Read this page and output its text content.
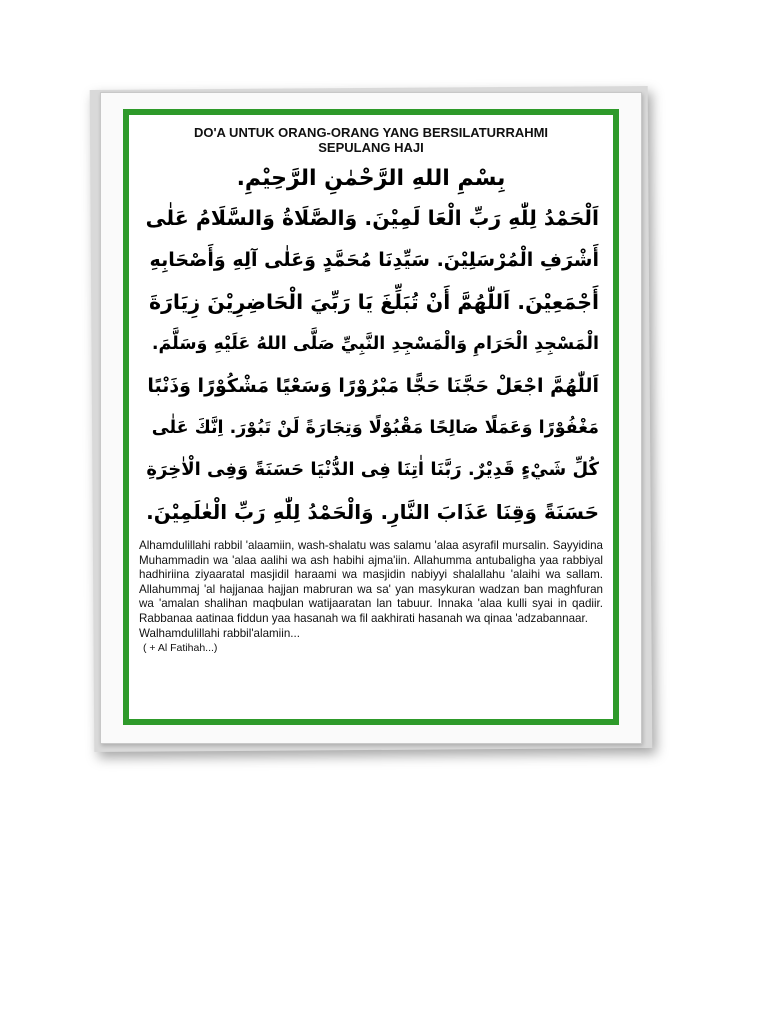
DO'A UNTUK ORANG-ORANG YANG BERSILATURRAHMI
SEPULANG HAJI
بِسْمِ اللهِ الرَّحْمٰنِ الرَّحِيْمِ.
اَلْحَمْدُ لِلّٰهِ رَبِّ الْعَا لَمِيْنَ. وَالصَّلَاةُ وَالسَّلَامُ عَلٰى
أَشْرَفِ الْمُرْسَلِيْنَ. سَيِّدِنَا مُحَمَّدٍ وَعَلٰى آلِهِ وَأَصْحَابِهِ
أَجْمَعِيْنَ. اَللّٰهُمَّ أَنْ تُبَلِّغَ يَا رَبِّيَ الْحَاضِرِيْنَ زِيَارَةَ
الْمَسْجِدِ الْحَرَامِ وَالْمَسْجِدِ النَّبِيِّ صَلَّى اللهُ عَلَيْهِ وَسَلَّمَ.
اَللّٰهُمَّ اجْعَلْ حَجَّنَا حَجًّا مَبْرُوْرًا وَسَعْيًا مَشْكُوْرًا وَذَنْبًا
مَغْفُوْرًا وَعَمَلًا صَالِحًا مَقْبُوْلًا وَتِجَارَةً لَنْ تَبُوْرَ. اِنَّكَ عَلٰى
كُلِّ شَيْءٍ قَدِيْرٌ. رَبَّنَا اٰتِنَا فِى الدُّنْيَا حَسَنَةً وَفِى الْاٰخِرَةِ
حَسَنَةً وَقِنَا عَذَابَ النَّارِ. وَالْحَمْدُ لِلّٰهِ رَبِّ الْعٰلَمِيْنَ.
Alhamdulillahi rabbil 'alaamiin, wash-shalatu was salamu 'alaa asyrafil mursalin. Sayyidina Muhammadin wa 'alaa aalihi wa ash habihi ajma'iin. Allahumma antubaligha yaa rabbiyal hadhiriina ziyaaratal masjidil haraami wa masjidin nabiyyi shalallahu 'alaihi wa sallam. Allahummaj 'al hajjanaa hajjan mabruran wa sa' yan masykuran wadzan ban maghfuran wa 'amalan shalihan maqbulan watijaaratan lan tabuur. Innaka 'alaa kulli syai in qadiir. Rabbanaa aatinaa fiddun yaa hasanah wa fil aakhirati hasanah wa qinaa 'adzabannaar.
Walhamdulillahi rabbil'alamiin...
( + Al Fatihah...)
